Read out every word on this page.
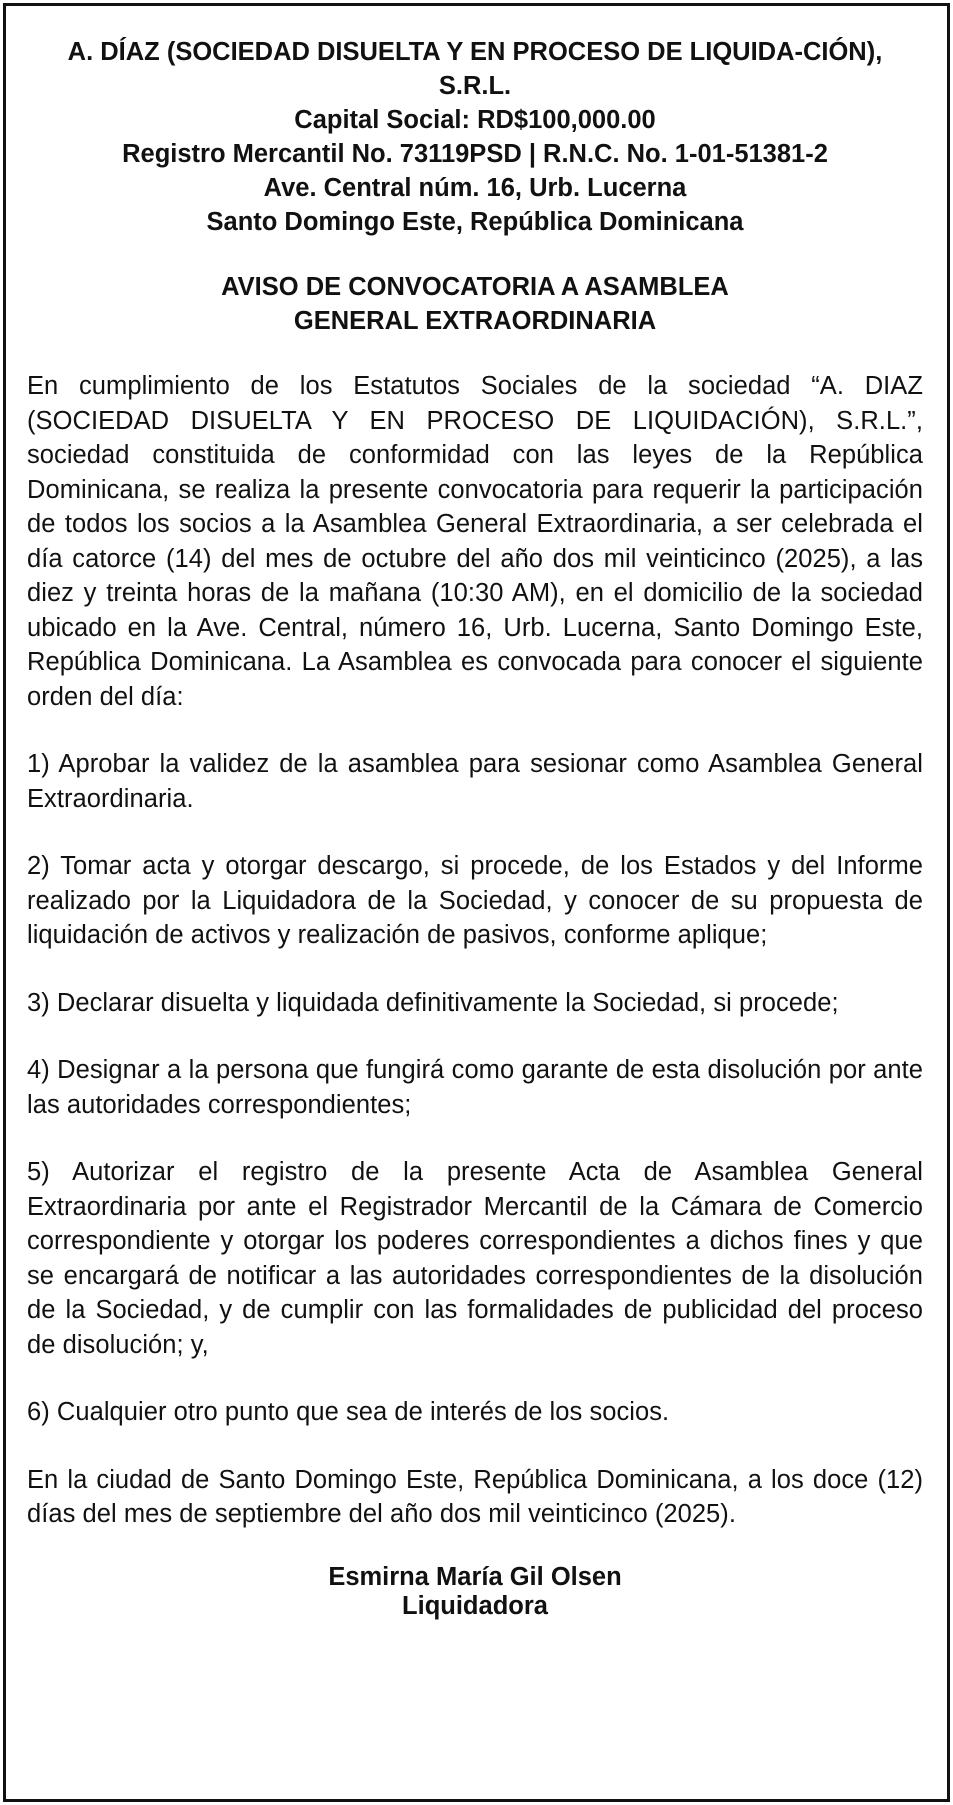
A. DÍAZ (SOCIEDAD DISUELTA Y EN PROCESO DE LIQUIDA-CIÓN), S.R.L.
Capital Social: RD$100,000.00
Registro Mercantil No. 73119PSD | R.N.C. No. 1-01-51381-2
Ave. Central núm. 16, Urb. Lucerna
Santo Domingo Este, República Dominicana
AVISO DE CONVOCATORIA A ASAMBLEA
GENERAL EXTRAORDINARIA

En cumplimiento de los Estatutos Sociales de la sociedad “A. DIAZ (SOCIEDAD DISUELTA Y EN PROCESO DE LIQUIDACIÓN), S.R.L.”, sociedad constituida de conformidad con las leyes de la República Dominicana, se realiza la presente convocatoria para requerir la participación de todos los socios a la Asamblea General Extraordinaria, a ser celebrada el día catorce (14) del mes de octubre del año dos mil veinticinco (2025), a las diez y treinta horas de la mañana (10:30 AM), en el domicilio de la sociedad ubicado en la Ave. Central, número 16, Urb. Lucerna, Santo Domingo Este, República Dominicana. La Asamblea es convocada para conocer el siguiente orden del día:

1) Aprobar la validez de la asamblea para sesionar como Asamblea General Extraordinaria.

2) Tomar acta y otorgar descargo, si procede, de los Estados y del Informe realizado por la Liquidadora de la Sociedad, y conocer de su propuesta de liquidación de activos y realización de pasivos, conforme aplique;

3) Declarar disuelta y liquidada definitivamente la Sociedad, si procede;

4) Designar a la persona que fungirá como garante de esta disolución por ante las autoridades correspondientes;

5) Autorizar el registro de la presente Acta de Asamblea General Extraordinaria por ante el Registrador Mercantil de la Cámara de Comercio correspondiente y otorgar los poderes correspondientes a dichos fines y que se encargará de notificar a las autoridades correspondientes de la disolución de la Sociedad, y de cumplir con las formalidades de publicidad del proceso de disolución; y,

6) Cualquier otro punto que sea de interés de los socios.

En la ciudad de Santo Domingo Este, República Dominicana, a los doce (12) días del mes de septiembre del año dos mil veinticinco (2025).

Esmirna María Gil Olsen
Liquidadora
